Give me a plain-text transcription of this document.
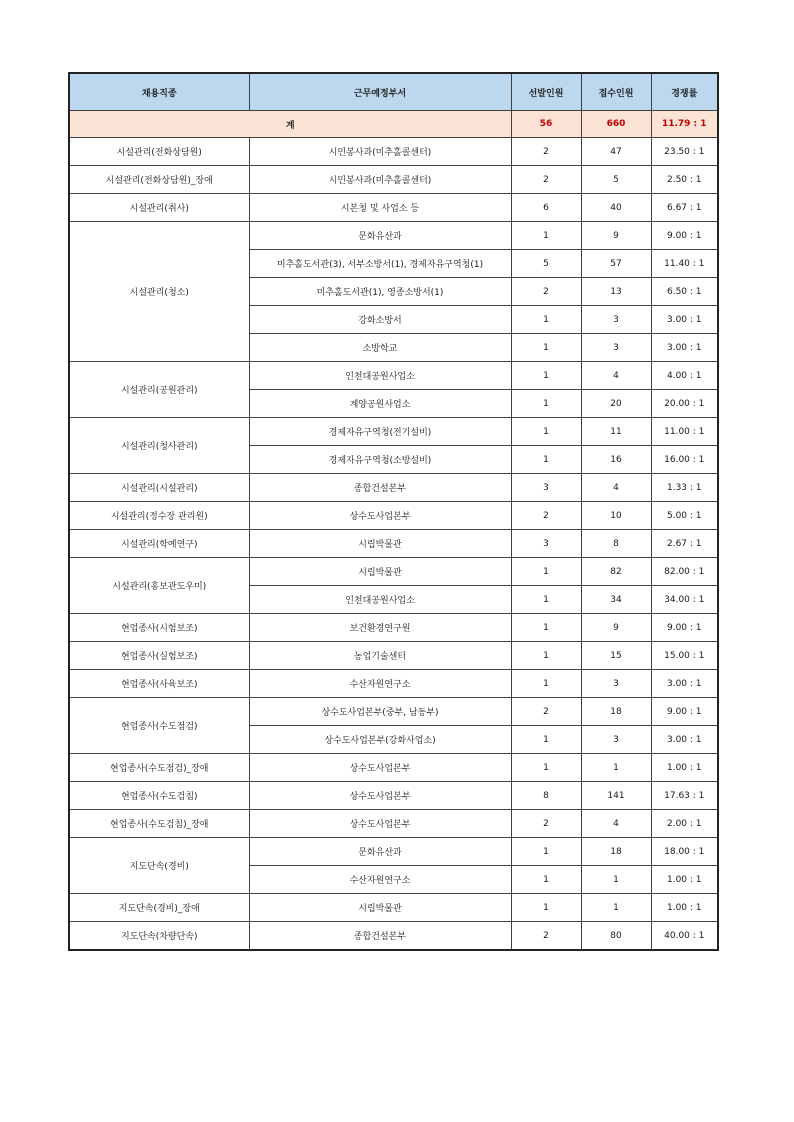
채용직종	근무예정부서	선발인원	접수인원	경쟁률
계		56	660	11.79 : 1
시설관리(전화상담원)	시민봉사과(미추홀콜센터)	2	47	23.50 : 1
시설관리(전화상담원)_장애	시민봉사과(미추홀콜센터)	2	5	2.50 : 1
시설관리(취사)	시본청 및 사업소 등	6	40	6.67 : 1
시설관리(청소)	문화유산과	1	9	9.00 : 1
	미추홀도서관(3), 서부소방서(1), 경제자유구역청(1)	5	57	11.40 : 1
	미추홀도서관(1), 영종소방서(1)	2	13	6.50 : 1
	강화소방서	1	3	3.00 : 1
	소방학교	1	3	3.00 : 1
시설관리(공원관리)	인천대공원사업소	1	4	4.00 : 1
	계양공원사업소	1	20	20.00 : 1
시설관리(청사관리)	경제자유구역청(전기설비)	1	11	11.00 : 1
	경제자유구역청(소방설비)	1	16	16.00 : 1
시설관리(시설관리)	종합건설본부	3	4	1.33 : 1
시설관리(정수장 관리원)	상수도사업본부	2	10	5.00 : 1
시설관리(학예연구)	시립박물관	3	8	2.67 : 1
시설관리(홍보관도우미)	시립박물관	1	82	82.00 : 1
	인천대공원사업소	1	34	34.00 : 1
현업종사(시험보조)	보건환경연구원	1	9	9.00 : 1
현업종사(실험보조)	농업기술센터	1	15	15.00 : 1
현업종사(사육보조)	수산자원연구소	1	3	3.00 : 1
현업종사(수도점검)	상수도사업본부(중부, 남동부)	2	18	9.00 : 1
	상수도사업본부(강화사업소)	1	3	3.00 : 1
현업종사(수도점검)_장애	상수도사업본부	1	1	1.00 : 1
현업종사(수도검침)	상수도사업본부	8	141	17.63 : 1
현업종사(수도검침)_장애	상수도사업본부	2	4	2.00 : 1
지도단속(경비)	문화유산과	1	18	18.00 : 1
	수산자원연구소	1	1	1.00 : 1
지도단속(경비)_장애	시립박물관	1	1	1.00 : 1
지도단속(차량단속)	종합건설본부	2	80	40.00 : 1
